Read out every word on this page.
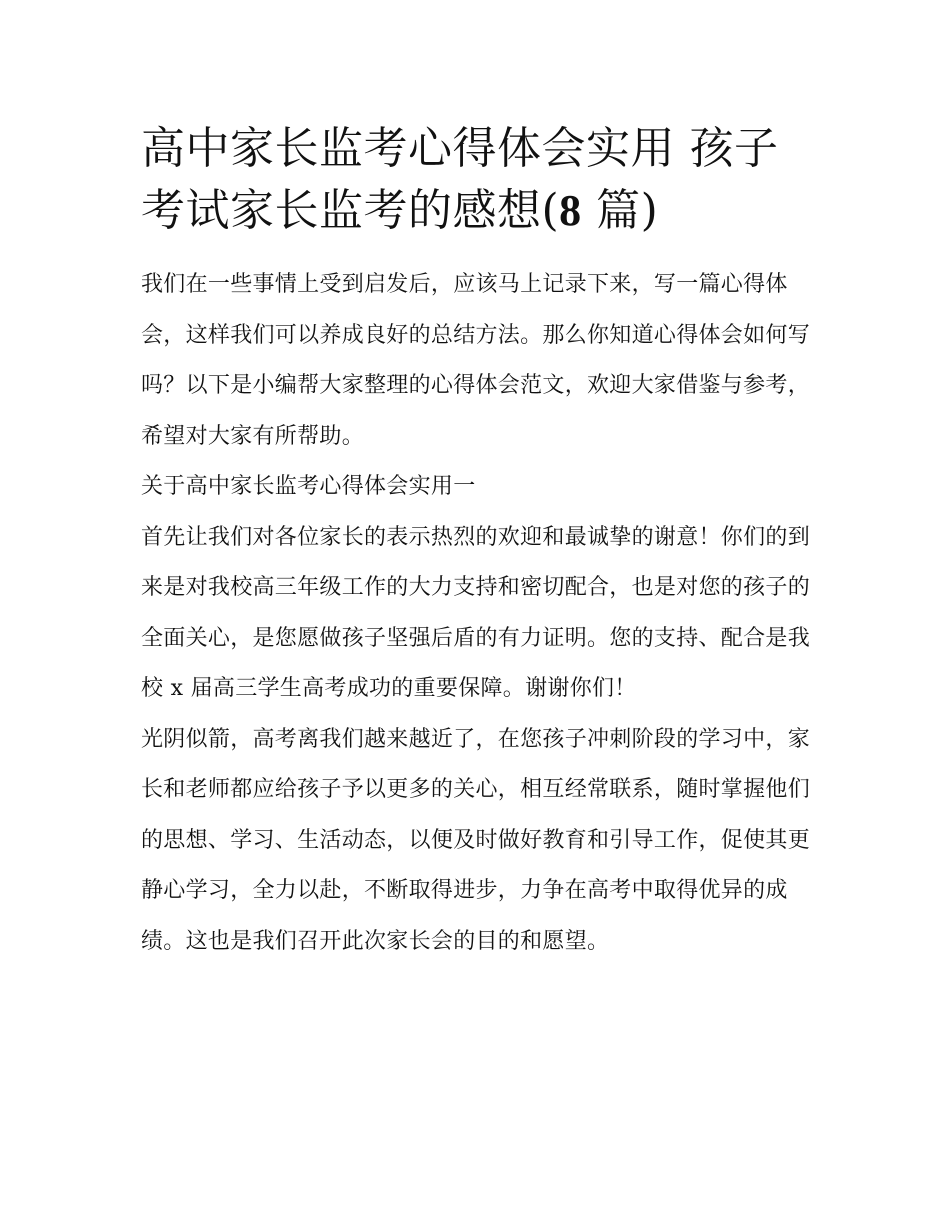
高中家长监考心得体会实用 孩子考试家长监考的感想(8 篇)

我们在一些事情上受到启发后，应该马上记录下来，写一篇心得体会，这样我们可以养成良好的总结方法。那么你知道心得体会如何写吗？以下是小编帮大家整理的心得体会范文，欢迎大家借鉴与参考，希望对大家有所帮助。

关于高中家长监考心得体会实用一

首先让我们对各位家长的表示热烈的欢迎和最诚挚的谢意！你们的到来是对我校高三年级工作的大力支持和密切配合，也是对您的孩子的全面关心，是您愿做孩子坚强后盾的有力证明。您的支持、配合是我校 x 届高三学生高考成功的重要保障。谢谢你们！

光阴似箭，高考离我们越来越近了，在您孩子冲刺阶段的学习中，家长和老师都应给孩子予以更多的关心，相互经常联系，随时掌握他们的思想、学习、生活动态，以便及时做好教育和引导工作，促使其更静心学习，全力以赴，不断取得进步，力争在高考中取得优异的成绩。这也是我们召开此次家长会的目的和愿望。
